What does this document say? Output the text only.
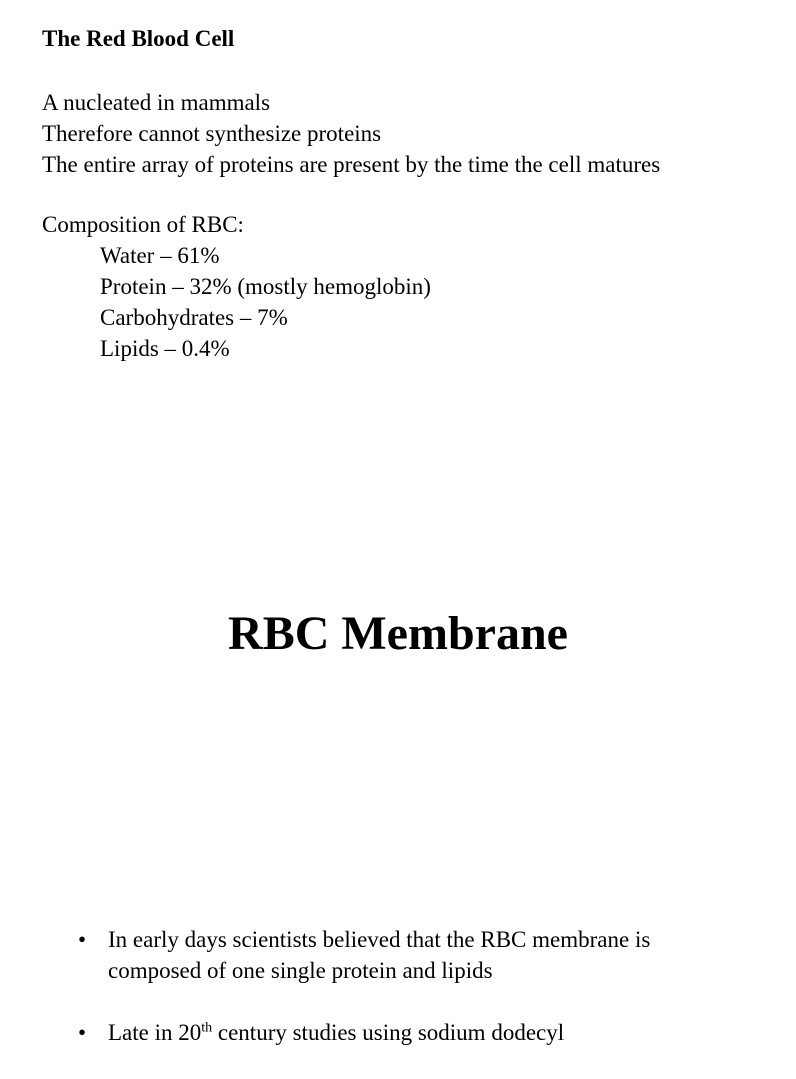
The Red Blood Cell
A nucleated in mammals
Therefore cannot synthesize proteins
The entire array of proteins are present by the time the cell matures
Composition of RBC:
Water – 61%
Protein – 32% (mostly hemoglobin)
Carbohydrates – 7%
Lipids – 0.4%
RBC Membrane
• In early days scientists believed that the RBC membrane is composed of one single protein and lipids
• Late in 20th century studies using sodium dodecyl
